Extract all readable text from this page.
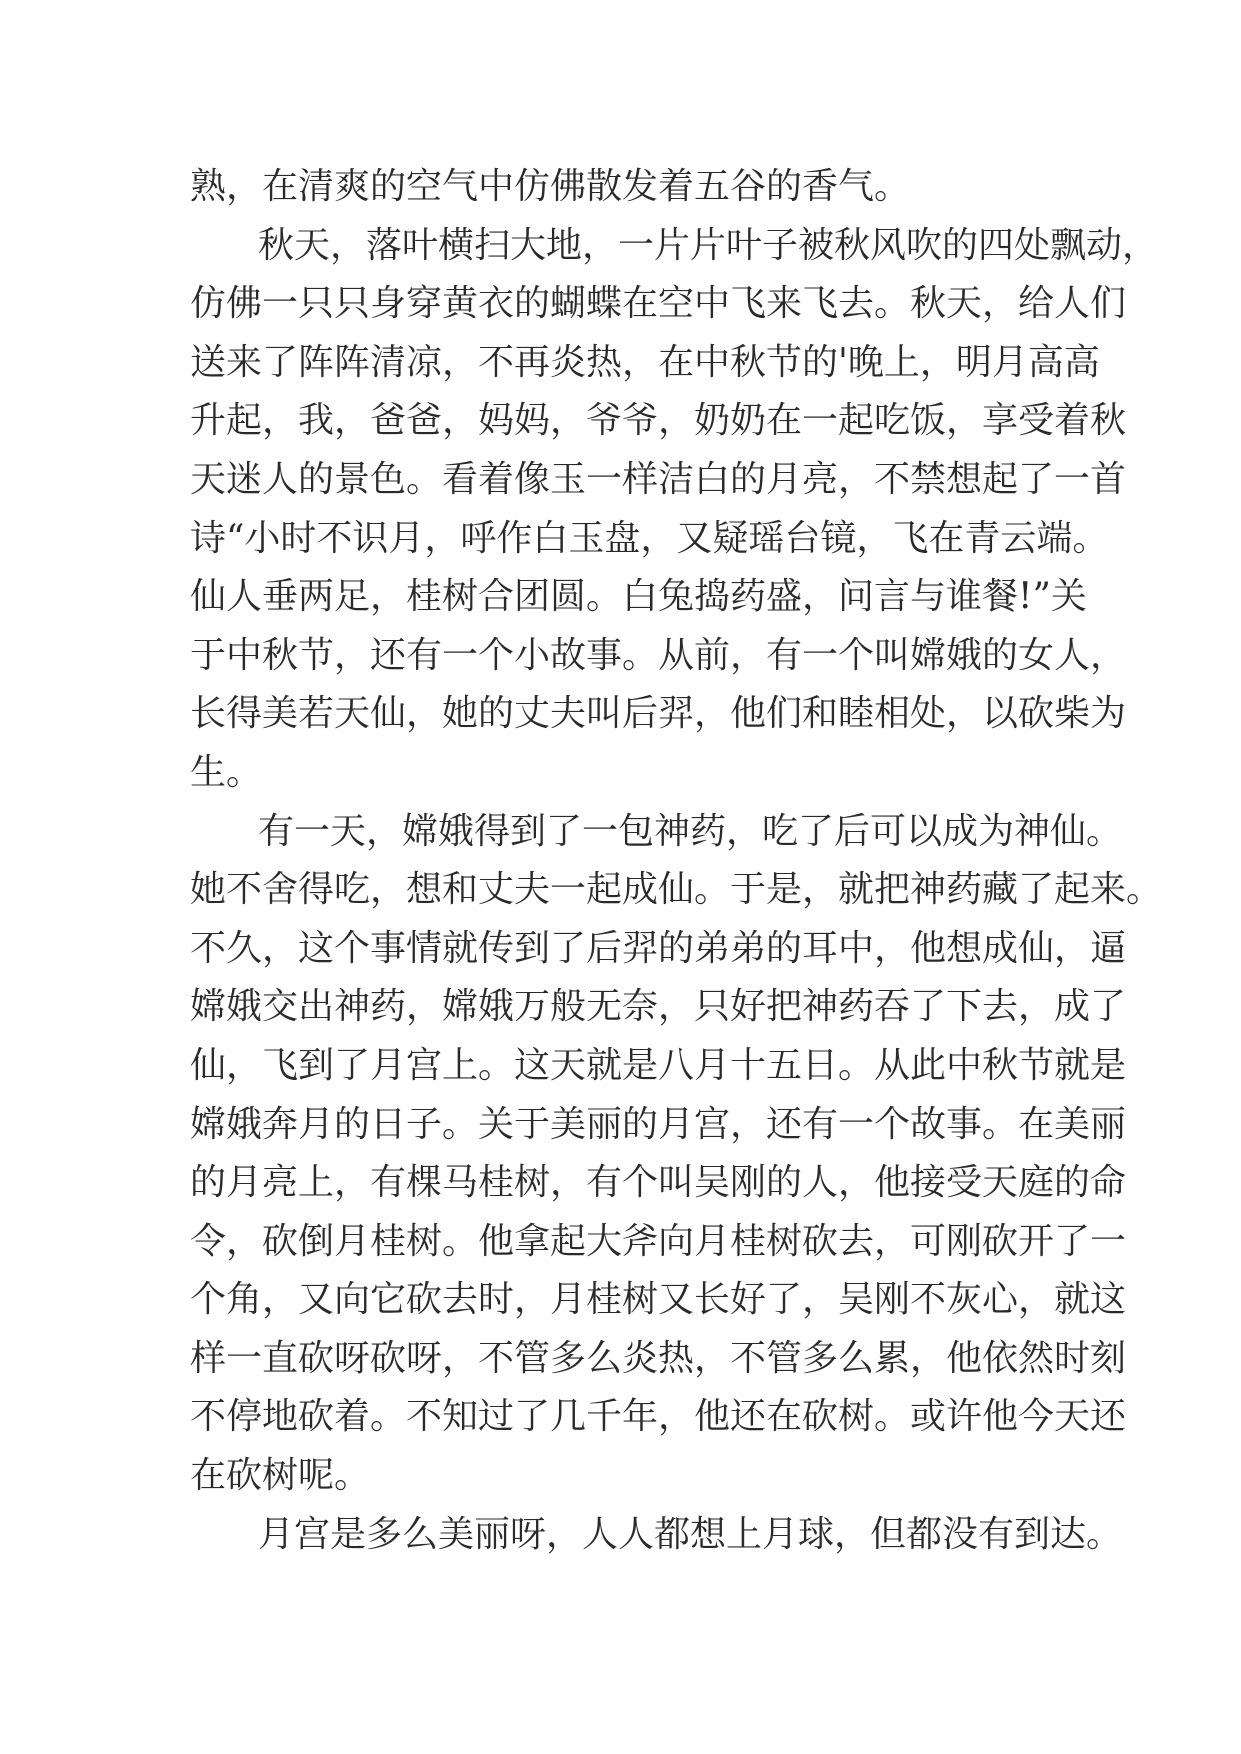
熟，在清爽的空气中仿佛散发着五谷的香气。
秋天，落叶横扫大地，一片片叶子被秋风吹的四处飘动，
仿佛一只只身穿黄衣的蝴蝶在空中飞来飞去。秋天，给人们
送来了阵阵清凉，不再炎热，在中秋节的'晚上，明月高高
升起，我，爸爸，妈妈，爷爷，奶奶在一起吃饭，享受着秋
天迷人的景色。看着像玉一样洁白的月亮，不禁想起了一首
诗“小时不识月，呼作白玉盘，又疑瑶台镜，飞在青云端。
仙人垂两足，桂树合团圆。白兔捣药盛，问言与谁餐!”关
于中秋节，还有一个小故事。从前，有一个叫嫦娥的女人，
长得美若天仙，她的丈夫叫后羿，他们和睦相处，以砍柴为
生。
有一天，嫦娥得到了一包神药，吃了后可以成为神仙。
她不舍得吃，想和丈夫一起成仙。于是，就把神药藏了起来。
不久，这个事情就传到了后羿的弟弟的耳中，他想成仙，逼
嫦娥交出神药，嫦娥万般无奈，只好把神药吞了下去，成了
仙，飞到了月宫上。这天就是八月十五日。从此中秋节就是
嫦娥奔月的日子。关于美丽的月宫，还有一个故事。在美丽
的月亮上，有棵马桂树，有个叫吴刚的人，他接受天庭的命
令，砍倒月桂树。他拿起大斧向月桂树砍去，可刚砍开了一
个角，又向它砍去时，月桂树又长好了，吴刚不灰心，就这
样一直砍呀砍呀，不管多么炎热，不管多么累，他依然时刻
不停地砍着。不知过了几千年，他还在砍树。或许他今天还
在砍树呢。
月宫是多么美丽呀，人人都想上月球，但都没有到达。
